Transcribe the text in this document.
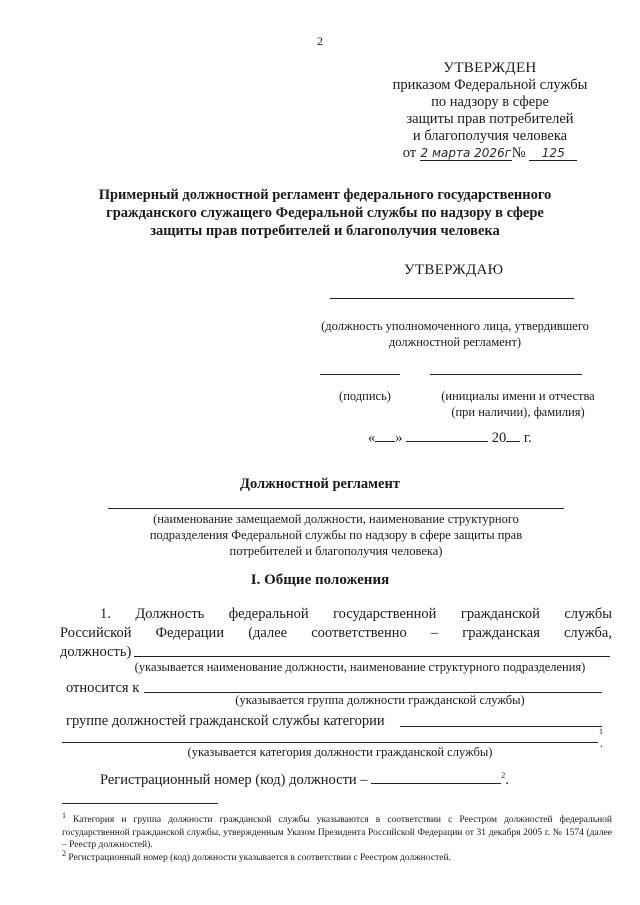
2
УТВЕРЖДЕН
приказом Федеральной службы
по надзору в сфере
защиты прав потребителей
и благополучия человека
от 2 марта 2026г№ 125
Примерный должностной регламент федерального государственного гражданского служащего Федеральной службы по надзору в сфере защиты прав потребителей и благополучия человека
УТВЕРЖДАЮ
(должность уполномоченного лица, утвердившего должностной регламент)
(подпись)	(инициалы имени и отчества (при наличии), фамилия)
« »	20 г.
Должностной регламент
(наименование замещаемой должности, наименование структурного подразделения Федеральной службы по надзору в сфере защиты прав потребителей и благополучия человека)
I. Общие положения
1. Должность федеральной государственной гражданской службы
Российской Федерации (далее соответственно – гражданская служба,
должность)
(указывается наименование должности, наименование структурного подразделения)
относится к
(указывается группа должности гражданской службы)
группе должностей гражданской службы категории
1
.
(указывается категория должности гражданской службы)
Регистрационный номер (код) должности –	$^2$.
$^1$ Категория и группа должности гражданской службы указываются в соответствии с Реестром должностей федеральной государственной гражданской службы, утвержденным Указом Президента Российской Федерации от 31 декабря 2005 г. № 1574 (далее – Реестр должностей).
$^2$ Регистрационный номер (код) должности указывается в соответствии с Реестром должностей.
